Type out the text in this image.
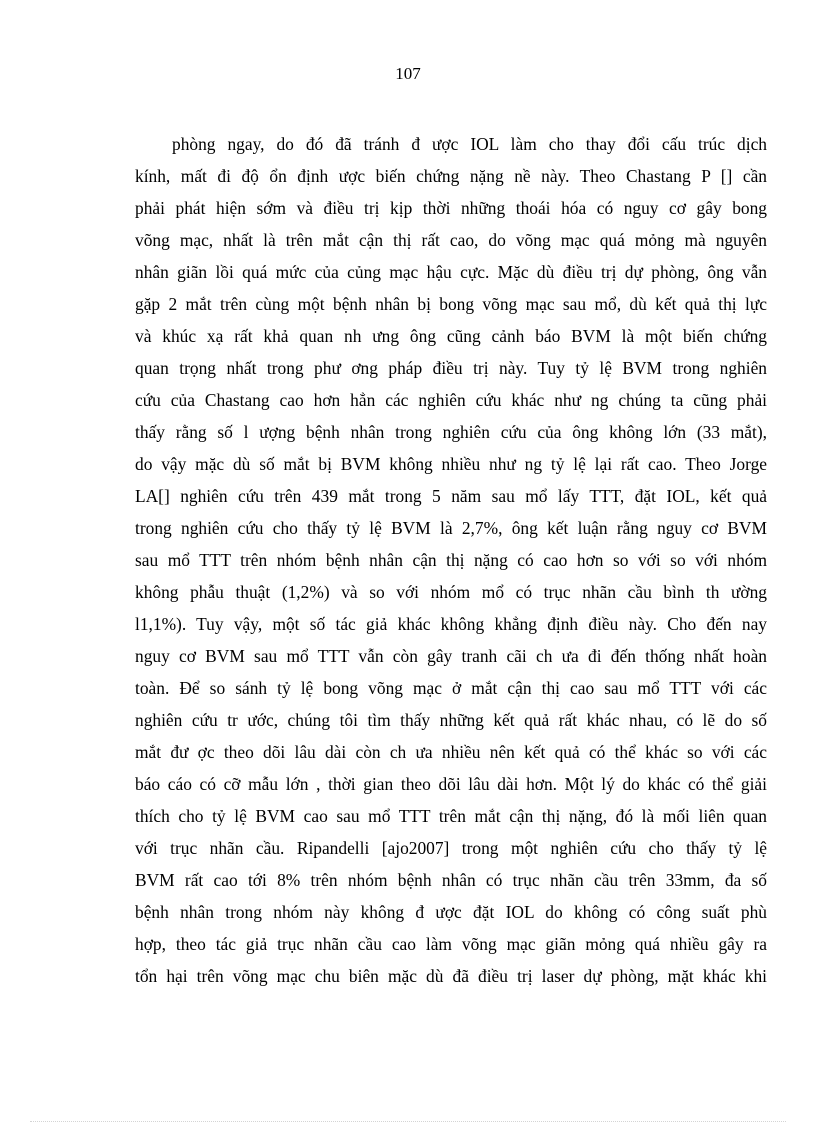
107
phòng ngay, do đó đã tránh đ ược IOL làm cho thay đổi cấu trúc dịch
kính, mất đi độ ổn định ược biến chứng nặng nề này. Theo Chastang P [] cần
phải phát hiện sớm và điều trị kịp thời những thoái hóa có nguy cơ gây bong
võng mạc, nhất là trên mắt cận thị rất cao, do võng mạc quá mỏng mà nguyên
nhân giãn lồi quá mức của củng mạc hậu cực. Mặc dù điều trị dự phòng, ông vẫn
gặp 2 mắt trên cùng một bệnh nhân bị bong võng mạc sau mổ, dù kết quả thị lực
và khúc xạ rất khả quan nh ưng ông cũng cảnh báo BVM là một biến chứng
quan trọng nhất trong phư ơng pháp điều trị này. Tuy tỷ lệ BVM trong nghiên
cứu của Chastang cao hơn hẳn các nghiên cứu khác như ng chúng ta cũng phải
thấy rằng số l ượng bệnh nhân trong nghiên cứu của ông không lớn (33 mắt),
do vậy mặc dù số mắt bị BVM không nhiều như ng tỷ lệ lại rất cao. Theo Jorge
LA[] nghiên cứu trên 439 mắt trong 5 năm sau mổ lấy TTT, đặt IOL, kết quả
trong nghiên cứu cho thấy tỷ lệ BVM là 2,7%, ông kết luận rằng nguy cơ BVM
sau mổ TTT trên nhóm bệnh nhân cận thị nặng có cao hơn so với so với nhóm
không phẫu thuật (1,2%) và so với nhóm mổ có trục nhãn cầu bình th ường
l1,1%). Tuy vậy, một số tác giả khác không khẳng định điều này. Cho đến nay
nguy cơ BVM sau mổ TTT vẫn còn gây tranh cãi ch ưa đi đến thống nhất hoàn
toàn. Để so sánh tỷ lệ bong võng mạc ở mắt cận thị cao sau mổ TTT với các
nghiên cứu tr ước, chúng tôi tìm thấy những kết quả rất khác nhau, có lẽ do số
mắt đư ợc theo dõi lâu dài còn ch ưa nhiều nên kết quả có thể khác so với các
báo cáo có cỡ mẫu lớn , thời gian theo dõi lâu dài hơn. Một lý do khác có thể giải
thích cho tỷ lệ BVM cao sau mổ TTT trên mắt cận thị nặng, đó là mối liên quan
với trục nhãn cầu. Ripandelli [ajo2007] trong một nghiên cứu cho thấy tỷ lệ
BVM rất cao tới 8% trên nhóm bệnh nhân có trục nhãn cầu trên 33mm, đa số
bệnh nhân trong nhóm này không đ ược đặt IOL do không có công suất phù
hợp, theo tác giả trục nhãn cầu cao làm võng mạc giãn mỏng quá nhiều gây ra
tổn hại trên võng mạc chu biên mặc dù đã điều trị laser dự phòng, mặt khác khi
